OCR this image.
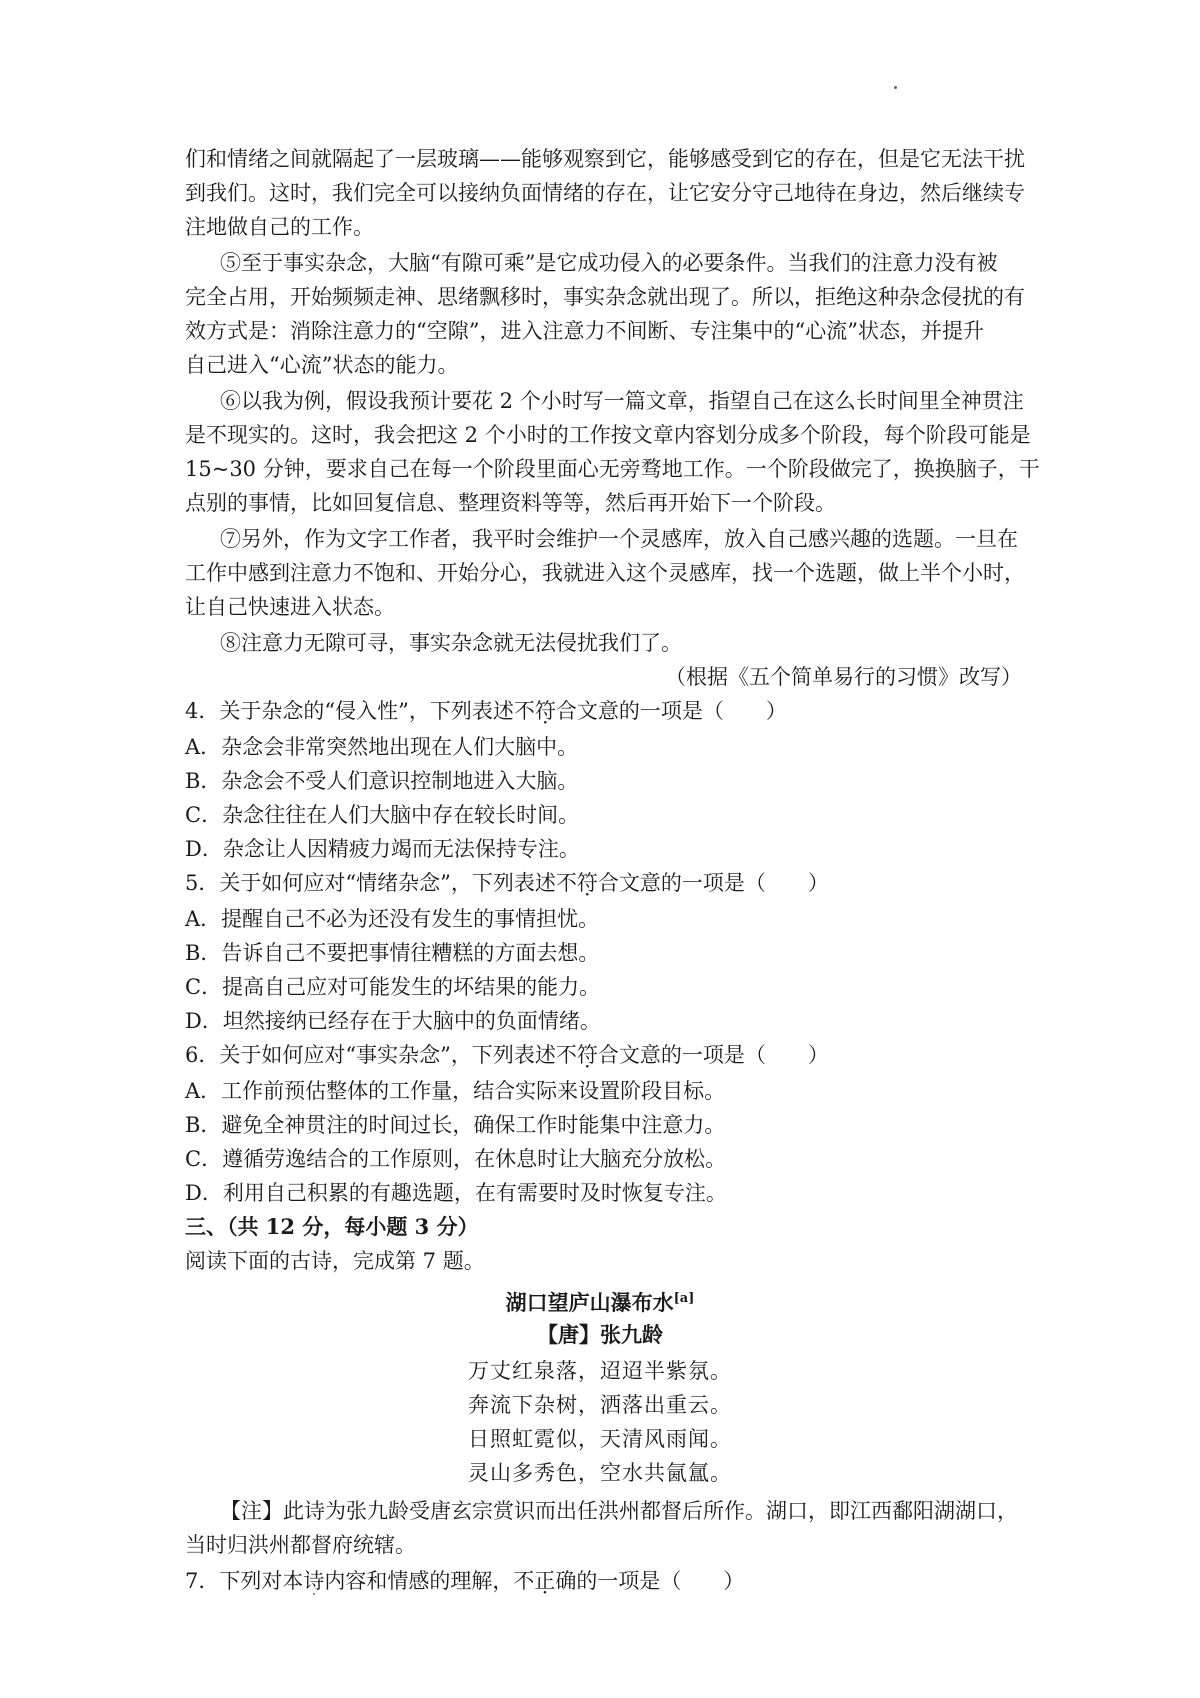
们和情绪之间就隔起了一层玻璃——能够观察到它，能够感受到它的存在，但是它无法干扰
到我们。这时，我们完全可以接纳负面情绪的存在，让它安分守己地待在身边，然后继续专
注地做自己的工作。
⑤至于事实杂念，大脑“有隙可乘”是它成功侵入的必要条件。当我们的注意力没有被
完全占用，开始频频走神、思绪飘移时，事实杂念就出现了。所以，拒绝这种杂念侵扰的有
效方式是：消除注意力的“空隙”，进入注意力不间断、专注集中的“心流”状态，并提升
自己进入“心流”状态的能力。
⑥以我为例，假设我预计要花 2 个小时写一篇文章，指望自己在这么长时间里全神贯注
是不现实的。这时，我会把这 2 个小时的工作按文章内容划分成多个阶段，每个阶段可能是
15~30 分钟，要求自己在每一个阶段里面心无旁骛地工作。一个阶段做完了，换换脑子，干
点别的事情，比如回复信息、整理资料等等，然后再开始下一个阶段。
⑦另外，作为文字工作者，我平时会维护一个灵感库，放入自己感兴趣的选题。一旦在
工作中感到注意力不饱和、开始分心，我就进入这个灵感库，找一个选题，做上半个小时，
让自己快速进入状态。
⑧注意力无隙可寻，事实杂念就无法侵扰我们了。
（根据《五个简单易行的习惯》改写）
4．关于杂念的“侵入性”，下列表述不符合文意的一项是（　　）
A．杂念会非常突然地出现在人们大脑中。
B．杂念会不受人们意识控制地进入大脑。
C．杂念往往在人们大脑中存在较长时间。
D．杂念让人因精疲力竭而无法保持专注。
5．关于如何应对“情绪杂念”，下列表述不符合文意的一项是（　　）
A．提醒自己不必为还没有发生的事情担忧。
B．告诉自己不要把事情往糟糕的方面去想。
C．提高自己应对可能发生的坏结果的能力。
D．坦然接纳已经存在于大脑中的负面情绪。
6．关于如何应对“事实杂念”，下列表述不符合文意的一项是（　　）
A．工作前预估整体的工作量，结合实际来设置阶段目标。
B．避免全神贯注的时间过长，确保工作时能集中注意力。
C．遵循劳逸结合的工作原则，在休息时让大脑充分放松。
D．利用自己积累的有趣选题，在有需要时及时恢复专注。
三、（共 12 分，每小题 3 分）
阅读下面的古诗，完成第 7 题。
湖口望庐山瀑布水[a]
【唐】张九龄
万丈红泉落，迢迢半紫氛。
奔流下杂树，洒落出重云。
日照虹霓似，天清风雨闻。
灵山多秀色，空水共氤氲。
【注】此诗为张九龄受唐玄宗赏识而出任洪州都督后所作。湖口，即江西鄱阳湖湖口，
当时归洪州都督府统辖。
7．下列对本诗内容和情感的理解，不正确的一项是（　　）
